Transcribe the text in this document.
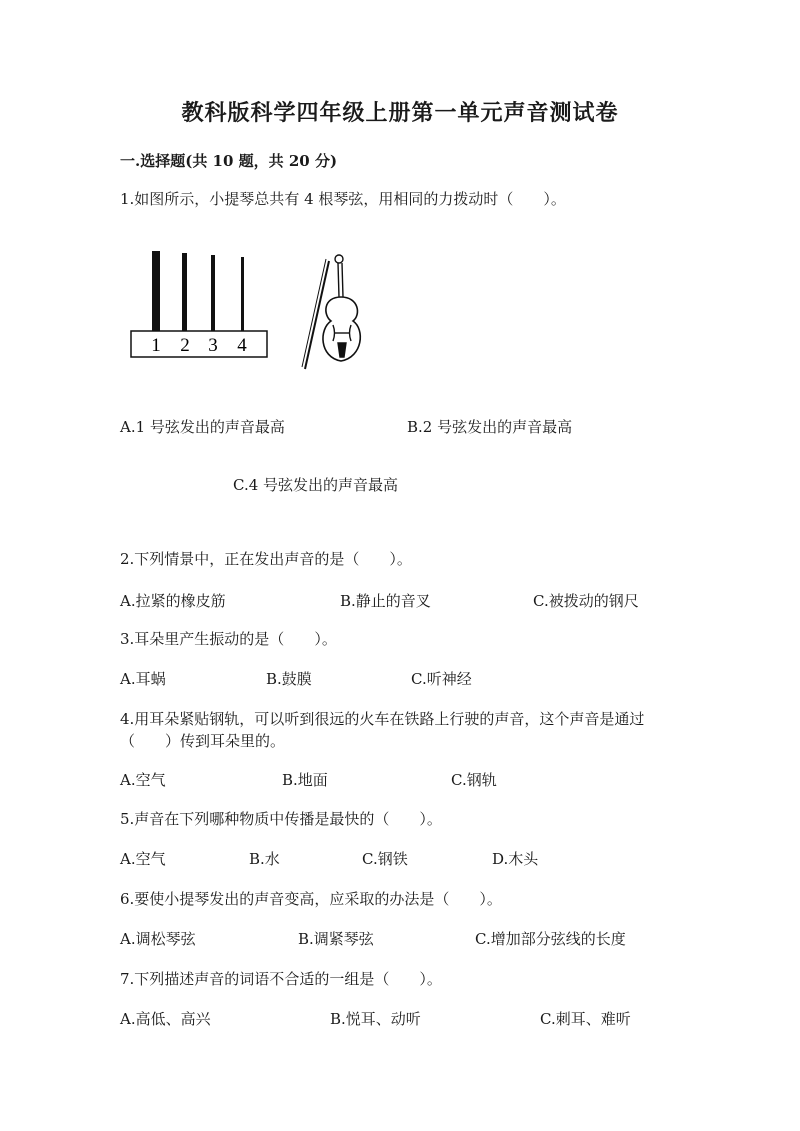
教科版科学四年级上册第一单元声音测试卷
一.选择题(共 10 题，共 20 分)
1.如图所示，小提琴总共有 4 根琴弦，用相同的力拨动时（　　）。
1 2 3 4
A.1 号弦发出的声音最高	B.2 号弦发出的声音最高
C.4 号弦发出的声音最高
2.下列情景中，正在发出声音的是（　　）。
A.拉紧的橡皮筋	B.静止的音叉	C.被拨动的钢尺
3.耳朵里产生振动的是（　　）。
A.耳蜗	B.鼓膜	C.听神经
4.用耳朵紧贴钢轨，可以听到很远的火车在铁路上行驶的声音，这个声音是通过（　　）传到耳朵里的。
A.空气	B.地面	C.钢轨
5.声音在下列哪种物质中传播是最快的（　　）。
A.空气	B.水	C.钢铁	D.木头
6.要使小提琴发出的声音变高，应采取的办法是（　　）。
A.调松琴弦	B.调紧琴弦	C.增加部分弦线的长度
7.下列描述声音的词语不合适的一组是（　　）。
A.高低、高兴	B.悦耳、动听	C.刺耳、难听
